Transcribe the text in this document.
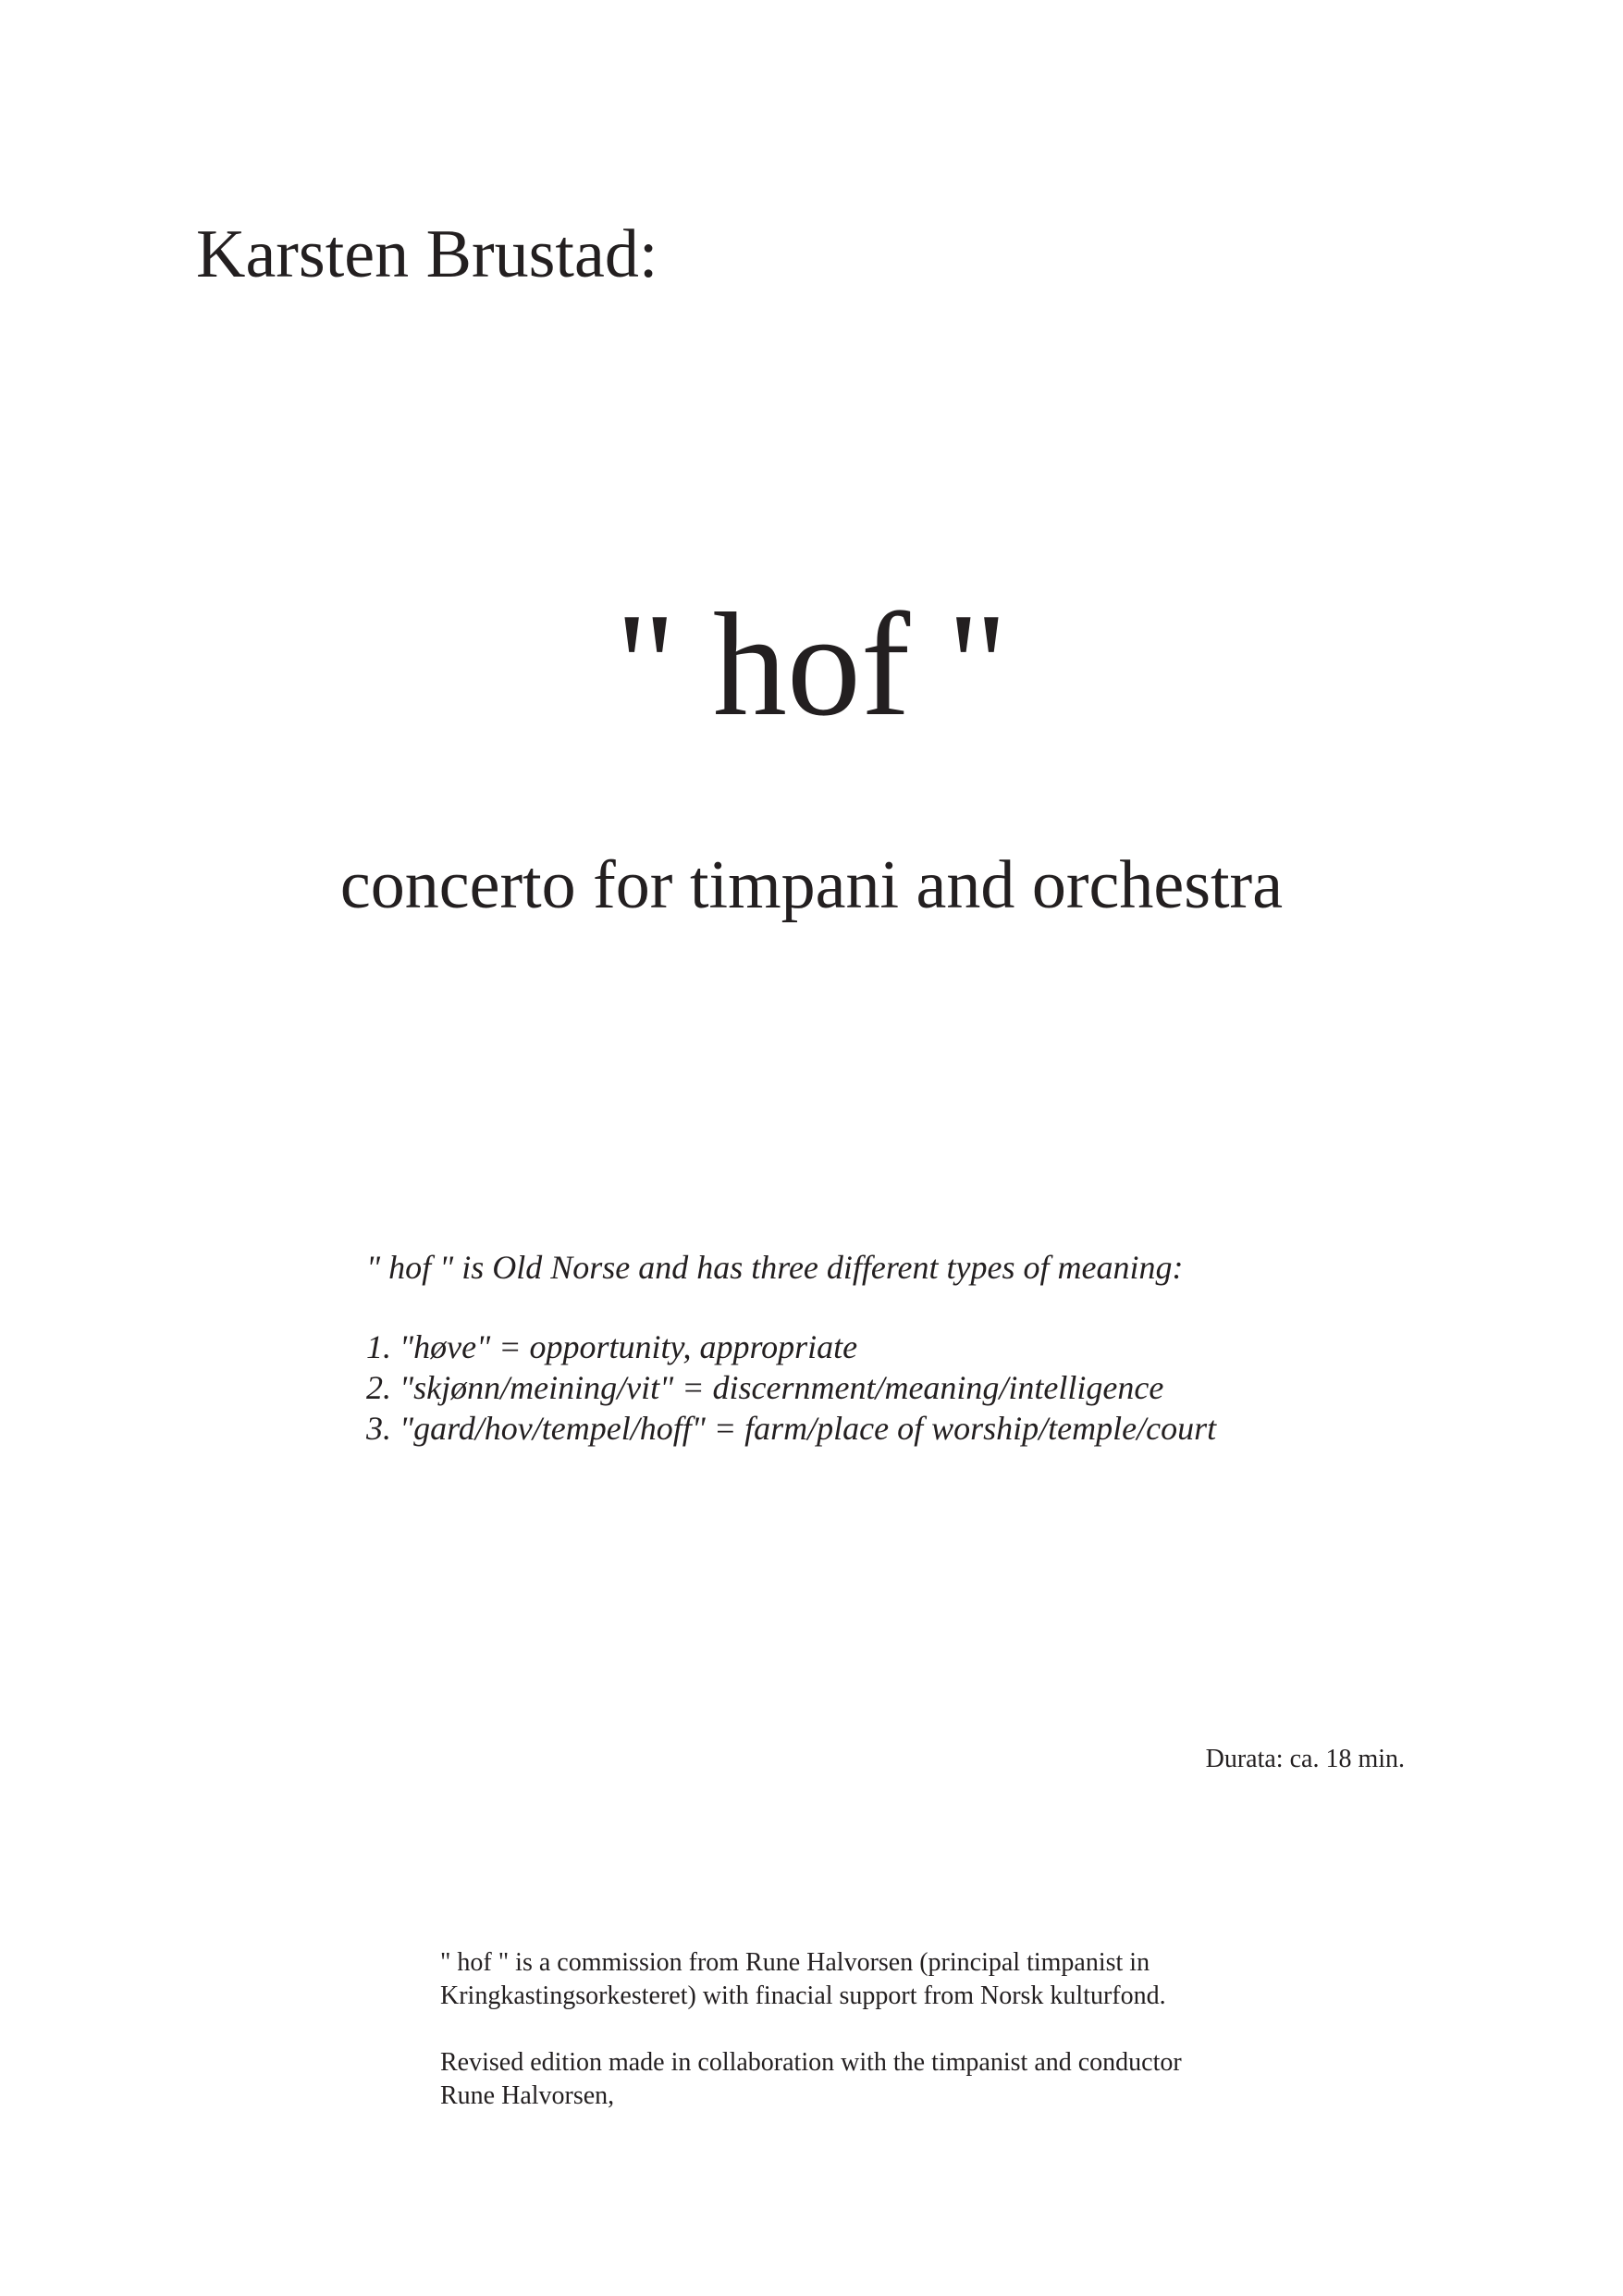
Karsten Brustad:
" hof "
concerto for timpani and orchestra
" hof " is Old Norse and has three different types of meaning:
1. "høve" = opportunity, appropriate
2. "skjønn/meining/vit" = discernment/meaning/intelligence
3. "gard/hov/tempel/hoff" = farm/place of worship/temple/court
Durata: ca. 18 min.

" hof " is a commission from Rune Halvorsen (principal timpanist in

Kringkastingsorkesteret) with finacial support from Norsk kulturfond.

Revised edition made in collaboration with the timpanist and conductor

Rune Halvorsen,
